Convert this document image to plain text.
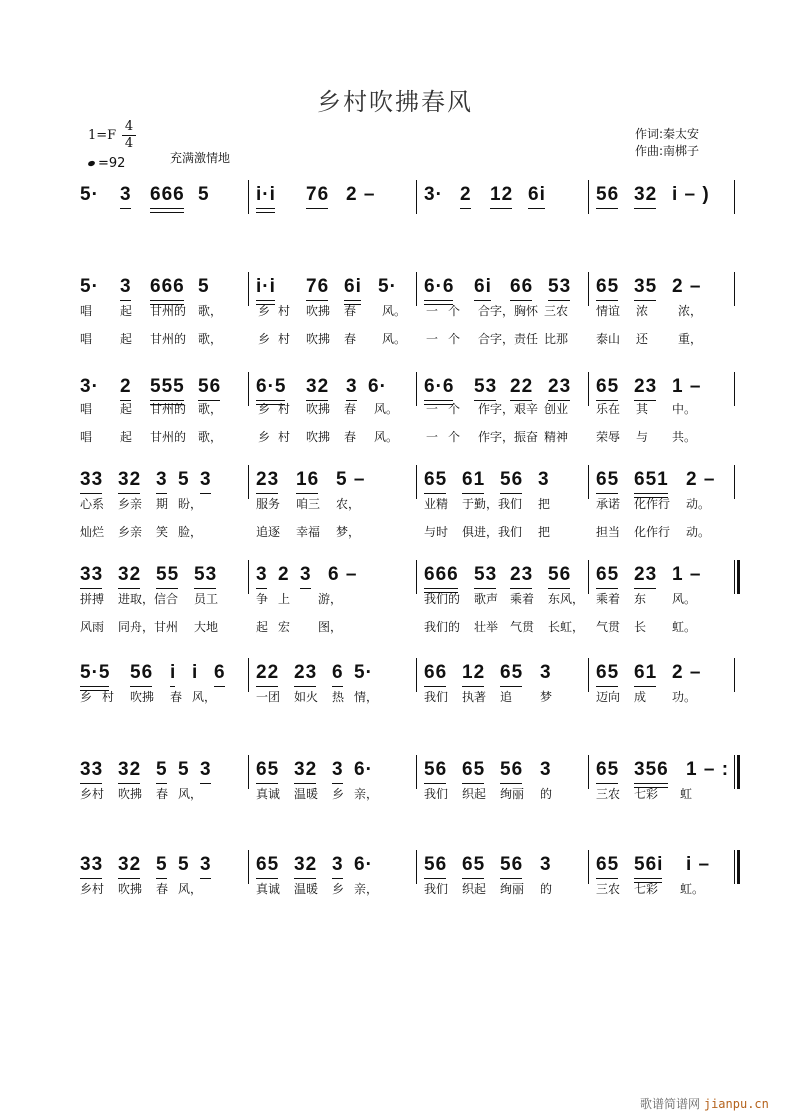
乡村吹拂春风
1=F
4
4
=92	充满激情地
作词:秦太安
作曲:南梆子
5· 3 666 5 i·i 76 2 –	3· 2 12 6i	56 32 i – )
5· 3 666 5 i·i 76 6i 5· 6·6 6i 66 53 65 35 2 –
唱 起 甘州的 歌，	乡 村 吹拂 春 风。 一 个 合字，胸怀 三农 情谊 浓 浓，
唱 起 甘州的 歌，	乡 村 吹拂 春 风。 一 个 合字，责任 比那 泰山 还 重，
3· 2 555 56 6·5 32 3 6· 6·6 53 22 23 65 23 1 –
唱 起 甘州的 歌，	乡 村 吹拂 春 风。 一 个 作字，艰辛 创业 乐在 其 中。
唱 起 甘州的 歌，	乡 村 吹拂 春 风。 一 个 作字，振奋 精神 荣辱 与 共。
33 32 3 5 3 23 16 5 –	65 61 56 3 65 651 2 –
心系 乡亲 期 盼，	服务 咱三 农，	业精 于勤，我们 把	承诺 化作行 动。
灿烂 乡亲 笑 脸，	追逐 幸福 梦，	与时 俱进，我们 把	担当 化作行 动。
33 32 55 53 3 2 3 6 –	666 53 23 56 65 23 1 –
拼搏 进取，信合 员工	争 上 游，	我们的 歌声 乘着 东风， 乘着 东 风。
风雨 同舟，甘州 大地	起 宏 图，	我们的 壮举 气贯 长虹， 气贯 长 虹。
5·5 56 i i 6 22 23 6 5·	66 12 65 3 65 61 2 –
乡 村 吹拂 春 风，	一团 如火 热 情，	我们 执著 追 梦	迈向 成 功。
33 32 5 5 3 65 32 3 6·	56 65 56 3 65 356 1 – :
乡村 吹拂 春 风，	真诚 温暖 乡 亲，	我们 织起 绚丽 的	三农 七彩 虹
33 32 5 5 3 65 32 3 6·	56 65 56 3 65 56i i –
乡村 吹拂 春 风，	真诚 温暖 乡 亲，	我们 织起 绚丽 的	三农 七彩 虹。
歌谱简谱网 jianpu.cn
